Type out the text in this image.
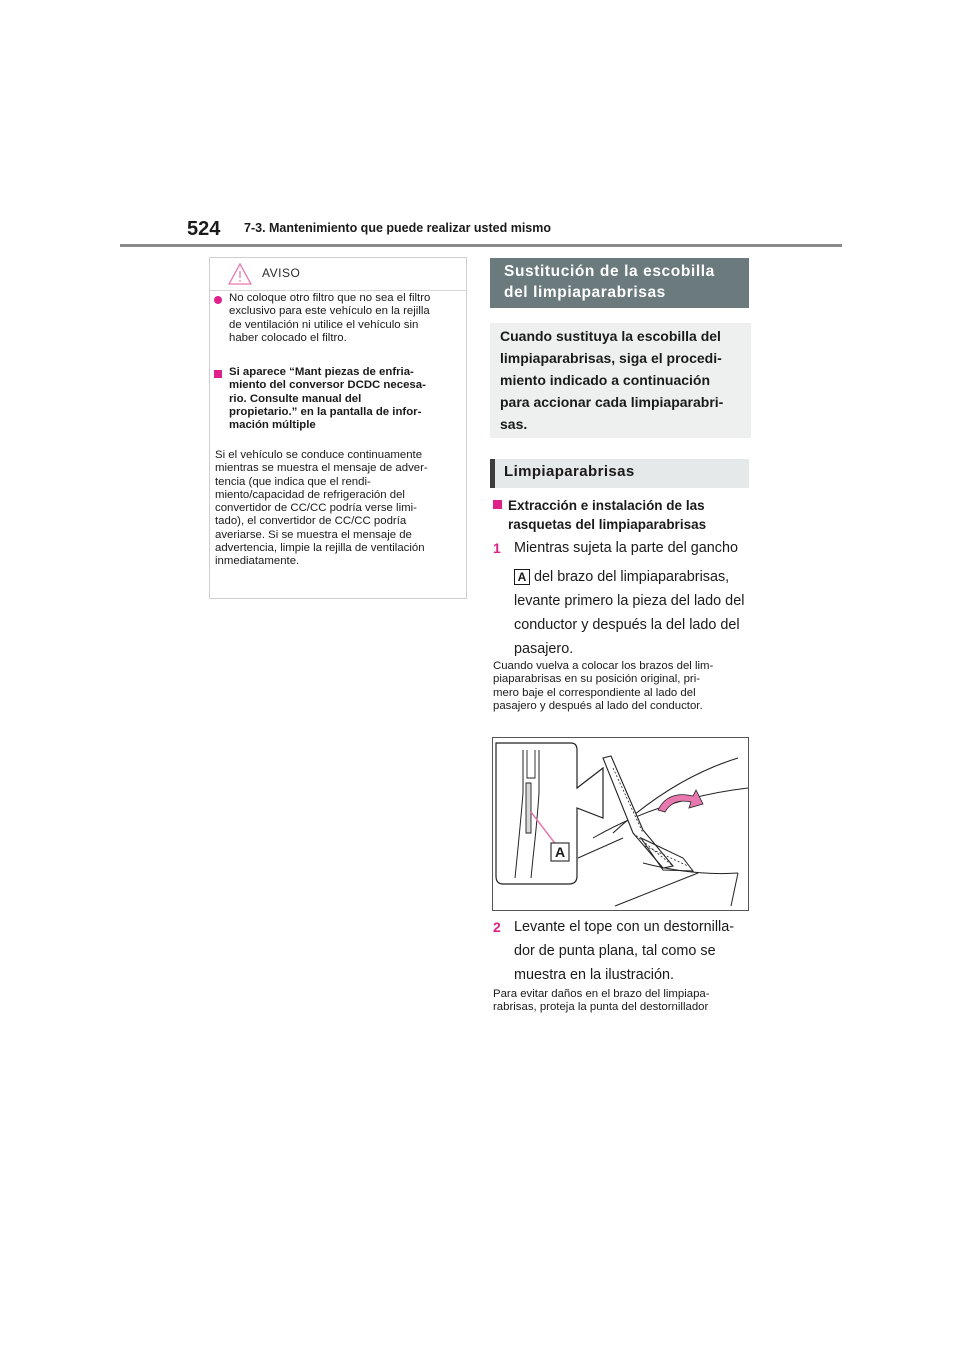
524 7-3. Mantenimiento que puede realizar usted mismo
AVISO
No coloque otro filtro que no sea el filtro
exclusivo para este vehículo en la rejilla
de ventilación ni utilice el vehículo sin
haber colocado el filtro.
Si aparece “Mant piezas de enfria-
miento del conversor DCDC necesa-
rio. Consulte manual del
propietario.” en la pantalla de infor-
mación múltiple
Si el vehículo se conduce continuamente
mientras se muestra el mensaje de adver-
tencia (que indica que el rendi-
miento/capacidad de refrigeración del
convertidor de CC/CC podría verse limi-
tado), el convertidor de CC/CC podría
averiarse. Si se muestra el mensaje de
advertencia, limpie la rejilla de ventilación
inmediatamente.
Sustitución de la escobilla
del limpiaparabrisas
Cuando sustituya la escobilla del
limpiaparabrisas, siga el procedi-
miento indicado a continuación
para accionar cada limpiaparabri-
sas.
Limpiaparabrisas
Extracción e instalación de las
rasquetas del limpiaparabrisas
1 Mientras sujeta la parte del gancho
A del brazo del limpiaparabrisas,
levante primero la pieza del lado del
conductor y después la del lado del
pasajero.
Cuando vuelva a colocar los brazos del lim-
piaparabrisas en su posición original, pri-
mero baje el correspondiente al lado del
pasajero y después al lado del conductor.
A
2 Levante el tope con un destornilla-
dor de punta plana, tal como se
muestra en la ilustración.
Para evitar daños en el brazo del limpiapa-
rabrisas, proteja la punta del destornillador
